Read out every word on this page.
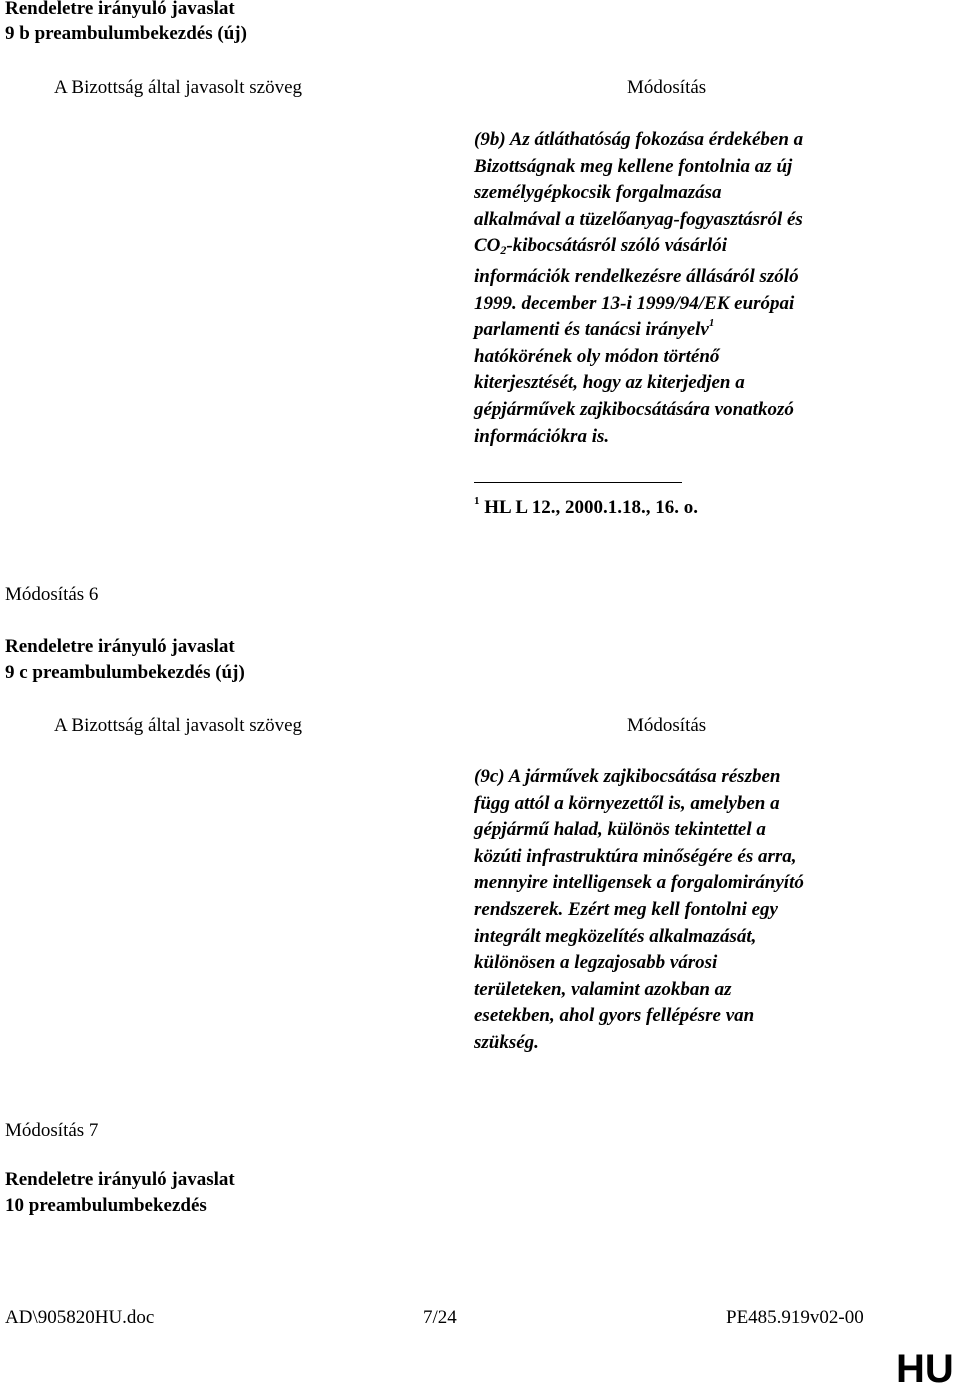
Rendeletre irányuló javaslat
9 b preambulumbekezdés (új)
A Bizottság által javasolt szöveg	Módosítás
(9b) Az átláthatóság fokozása érdekében a
Bizottságnak meg kellene fontolnia az új
személygépkocsik forgalmazása
alkalmával a tüzelőanyag-fogyasztásról és
$CO_2$-kibocsátásról szóló vásárlói
információk rendelkezésre állásáról szóló
1999. december 13-i 1999/94/EK európai
parlamenti és tanácsi irányelv$^1$
hatókörének oly módon történő
kiterjesztését, hogy az kiterjedjen a
gépjárművek zajkibocsátására vonatkozó
információkra is.
$^1$ HL L 12., 2000.1.18., 16. o.
Módosítás 6
Rendeletre irányuló javaslat
9 c preambulumbekezdés (új)
A Bizottság által javasolt szöveg	Módosítás
(9c) A járművek zajkibocsátása részben
függ attól a környezettől is, amelyben a
gépjármű halad, különös tekintettel a
közúti infrastruktúra minőségére és arra,
mennyire intelligensek a forgalomirányító
rendszerek. Ezért meg kell fontolni egy
integrált megközelítés alkalmazását,
különösen a legzajosabb városi
területeken, valamint azokban az
esetekben, ahol gyors fellépésre van
szükség.
Módosítás 7
Rendeletre irányuló javaslat
10 preambulumbekezdés
AD\905820HU.doc	7/24	PE485.919v02-00
HU
